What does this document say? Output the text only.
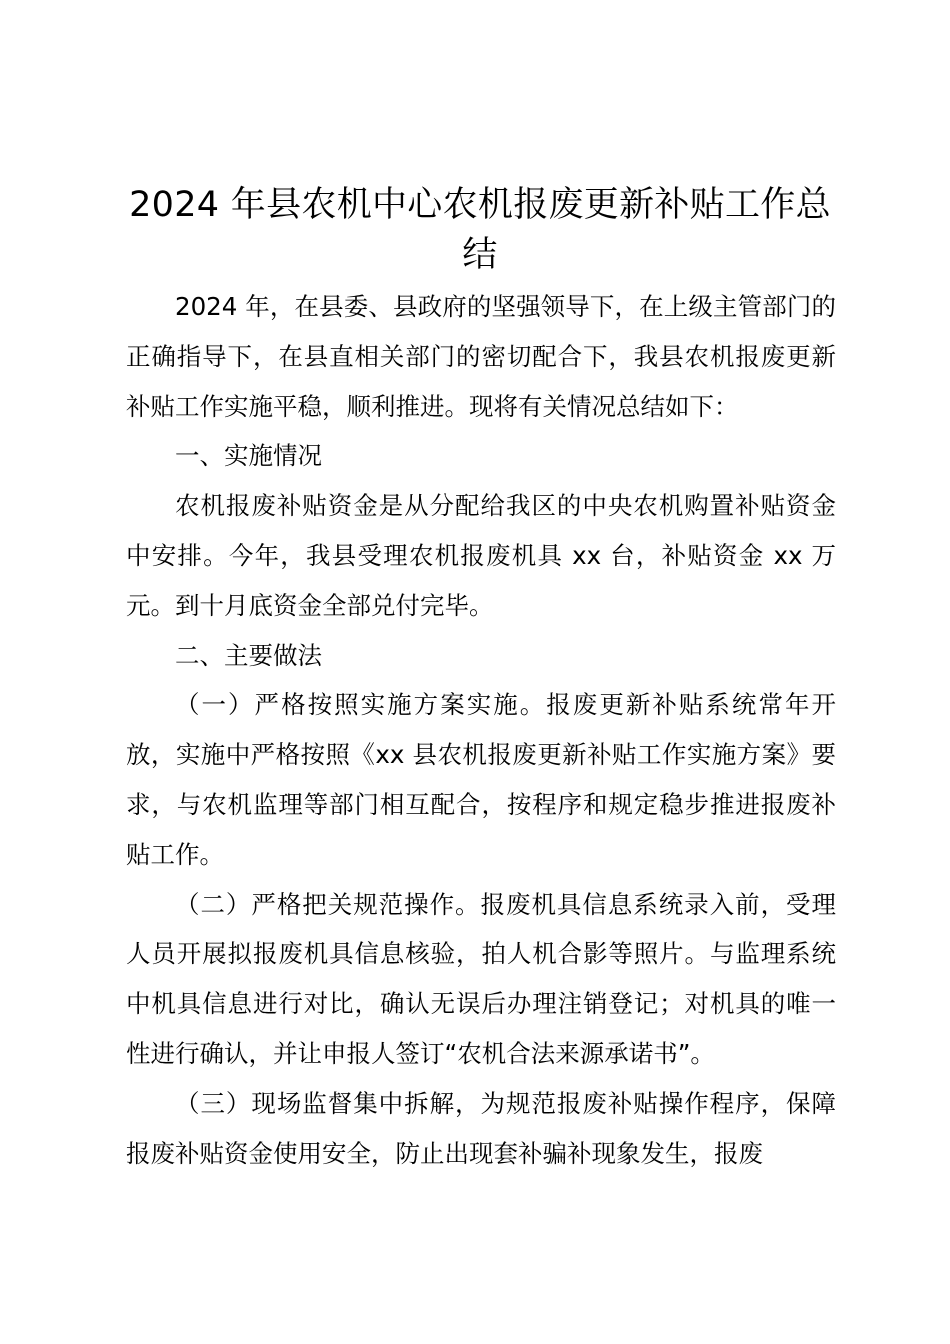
2024 年县农机中心农机报废更新补贴工作总结

2024 年，在县委、县政府的坚强领导下，在上级主管部门的正确指导下，在县直相关部门的密切配合下，我县农机报废更新补贴工作实施平稳，顺利推进。现将有关情况总结如下：

一、实施情况

农机报废补贴资金是从分配给我区的中央农机购置补贴资金中安排。今年，我县受理农机报废机具 xx 台，补贴资金 xx 万元。到十月底资金全部兑付完毕。

二、主要做法

（一）严格按照实施方案实施。报废更新补贴系统常年开放，实施中严格按照《xx 县农机报废更新补贴工作实施方案》要求，与农机监理等部门相互配合，按程序和规定稳步推进报废补贴工作。

（二）严格把关规范操作。报废机具信息系统录入前，受理人员开展拟报废机具信息核验，拍人机合影等照片。与监理系统中机具信息进行对比，确认无误后办理注销登记；对机具的唯一性进行确认，并让申报人签订“农机合法来源承诺书”。

（三）现场监督集中拆解，为规范报废补贴操作程序，保障报废补贴资金使用安全，防止出现套补骗补现象发生，报废
